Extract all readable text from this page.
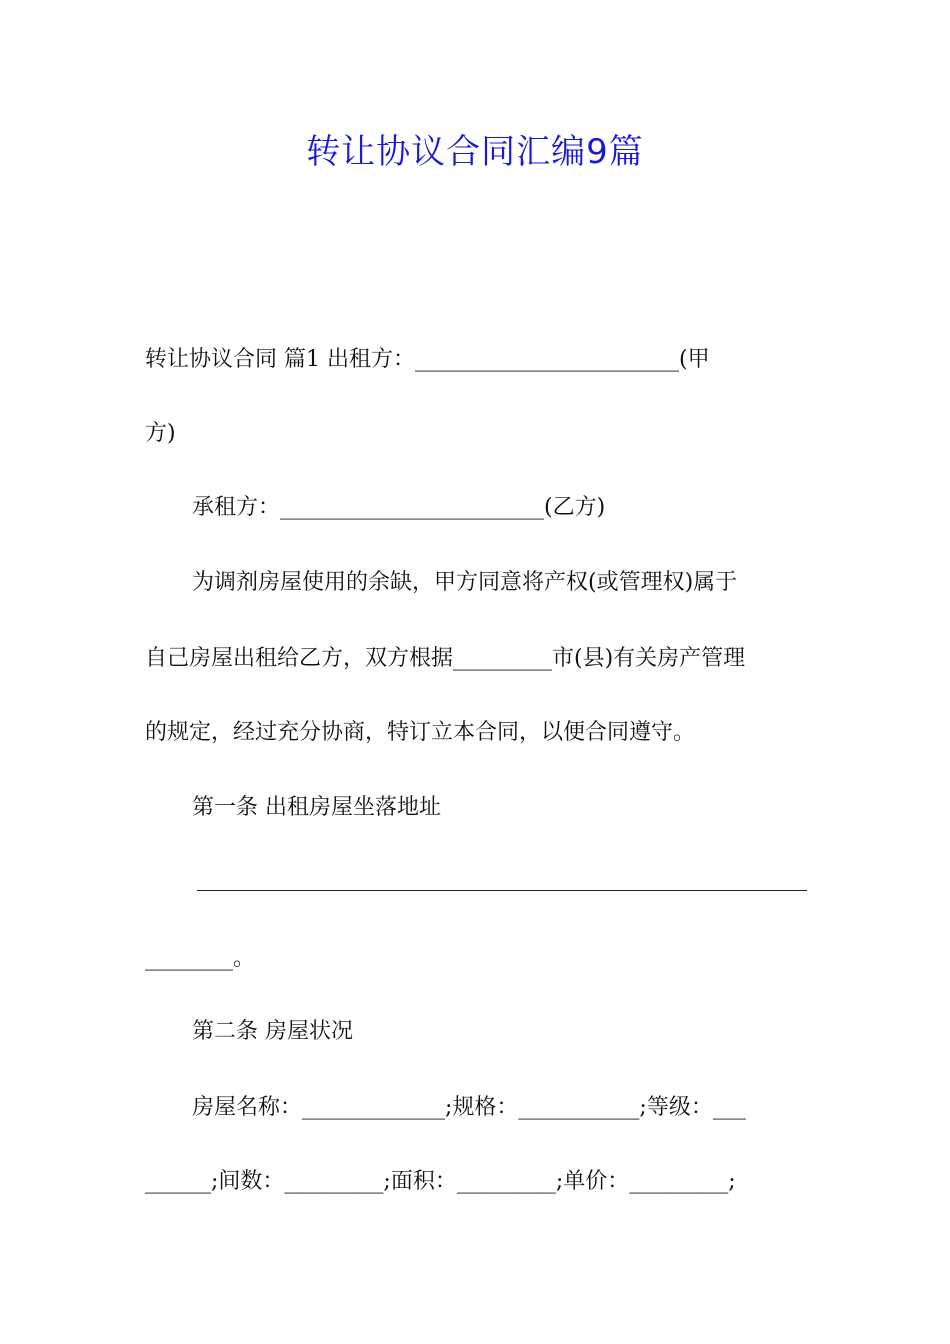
转让协议合同汇编9篇
转让协议合同 篇1 出租方：________________________(甲
方)
承租方：________________________(乙方)
为调剂房屋使用的余缺，甲方同意将产权(或管理权)属于
自己房屋出租给乙方，双方根据_________市(县)有关房产管理
的规定，经过充分协商，特订立本合同，以便合同遵守。
第一条 出租房屋坐落地址
________。
第二条 房屋状况
房屋名称：_____________;规格：___________;等级：___
______;间数：_________;面积：_________;单价：_________;
